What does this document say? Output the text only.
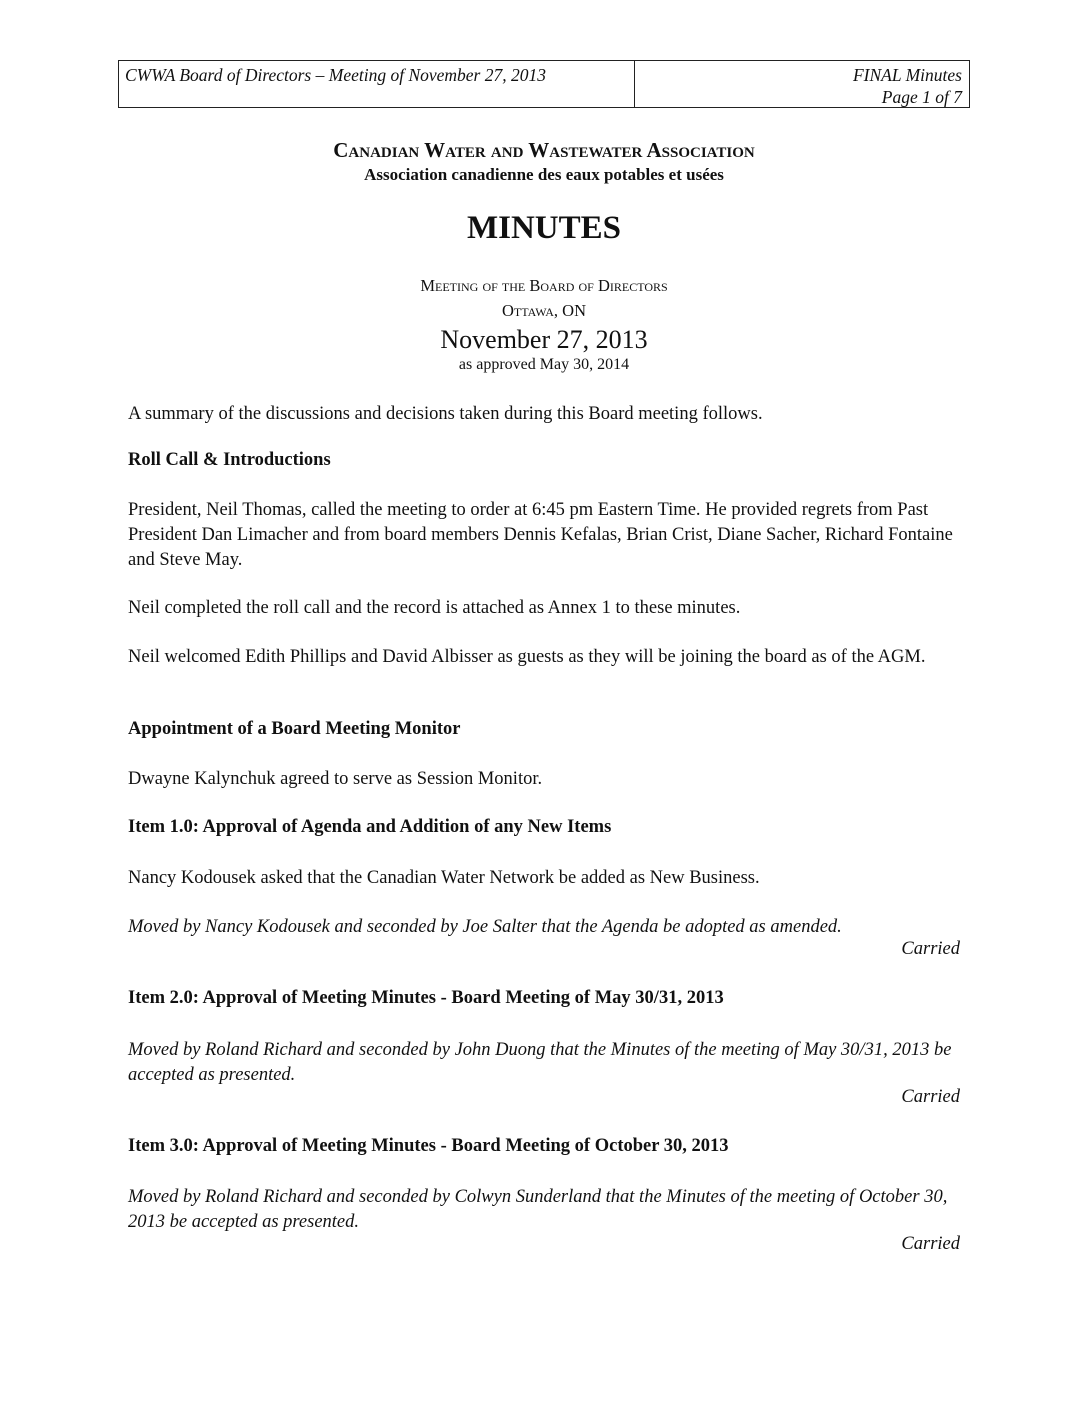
CWWA Board of Directors – Meeting of November 27, 2013	FINAL Minutes
Page 1 of 7
Canadian Water and Wastewater Association
Association canadienne des eaux potables et usées
MINUTES
Meeting of the Board of Directors
Ottawa, ON
November 27, 2013
as approved May 30, 2014
A summary of the discussions and decisions taken during this Board meeting follows.
Roll Call & Introductions
President, Neil Thomas, called the meeting to order at 6:45 pm Eastern Time. He provided regrets from Past President Dan Limacher and from board members Dennis Kefalas, Brian Crist, Diane Sacher, Richard Fontaine and Steve May.
Neil completed the roll call and the record is attached as Annex 1 to these minutes.
Neil welcomed Edith Phillips and David Albisser as guests as they will be joining the board as of the AGM.
Appointment of a Board Meeting Monitor
Dwayne Kalynchuk agreed to serve as Session Monitor.
Item 1.0: Approval of Agenda and Addition of any New Items
Nancy Kodousek asked that the Canadian Water Network be added as New Business.
Moved by Nancy Kodousek and seconded by Joe Salter that the Agenda be adopted as amended.
Carried
Item 2.0: Approval of Meeting Minutes - Board Meeting of May 30/31, 2013
Moved by Roland Richard and seconded by John Duong that the Minutes of the meeting of May 30/31, 2013 be accepted as presented.
Carried
Item 3.0: Approval of Meeting Minutes - Board Meeting of October 30, 2013
Moved by Roland Richard and seconded by Colwyn Sunderland that the Minutes of the meeting of October 30, 2013 be accepted as presented.
Carried
